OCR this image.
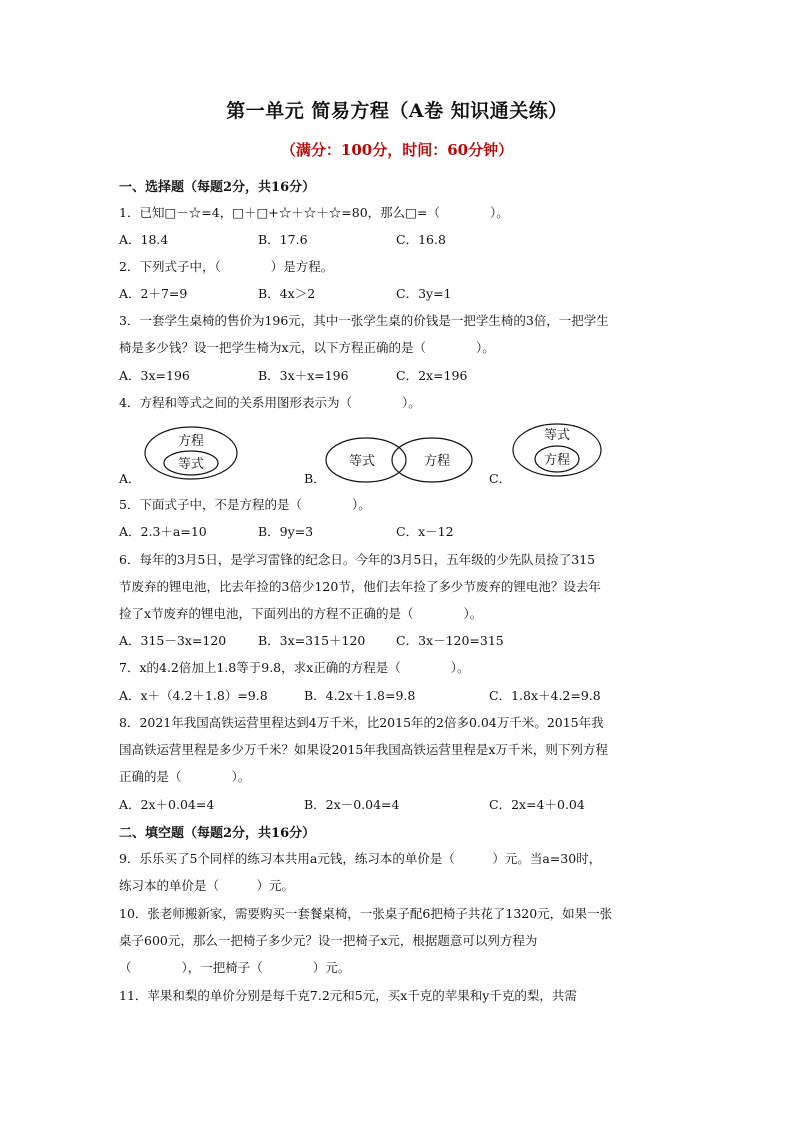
第一单元 简易方程（A卷 知识通关练）
（满分：100分，时间：60分钟）
一、选择题（每题2分，共16分）
1．已知□－☆=4，□＋□+☆＋☆＋☆=80，那么□=（　　　　）。
A．18.4	B．17.6	C．16.8
2．下列式子中，（　　　　）是方程。
A．2＋7=9	B．4x＞2	C．3y=1
3．一套学生桌椅的售价为196元，其中一张学生桌的价钱是一把学生椅的3倍，一把学生
椅是多少钱？设一把学生椅为x元，以下方程正确的是（　　　　）。
A．3x=196	B．3x＋x=196	C．2x=196
4．方程和等式之间的关系用图形表示为（　　　　）。
A．
方程
等式
B．
等式	方程
C．
等式
方程
5．下面式子中，不是方程的是（　　　　）。
A．2.3＋a=10	B．9y=3	C．x－12
6．每年的3月5日，是学习雷锋的纪念日。今年的3月5日，五年级的少先队员捡了315
节废弃的锂电池，比去年捡的3倍少120节，他们去年捡了多少节废弃的锂电池？设去年
捡了x节废弃的锂电池，下面列出的方程不正确的是（　　　　）。
A．315－3x=120	B．3x=315＋120 C．3x－120=315
7．x的4.2倍加上1.8等于9.8，求x正确的方程是（　　　　）。
A．x＋（4.2＋1.8）=9.8	B．4.2x＋1.8=9.8	C．1.8x＋4.2=9.8
8．2021年我国高铁运营里程达到4万千米，比2015年的2倍多0.04万千米。2015年我
国高铁运营里程是多少万千米？如果设2015年我国高铁运营里程是x万千米，则下列方程
正确的是（　　　　）。
A．2x＋0.04=4	B．2x－0.04=4	C．2x=4＋0.04
二、填空题（每题2分，共16分）
9．乐乐买了5个同样的练习本共用a元钱，练习本的单价是（　　　）元。当a=30时，
练习本的单价是（　　　）元。
10．张老师搬新家，需要购买一套餐桌椅，一张桌子配6把椅子共花了1320元，如果一张
桌子600元，那么一把椅子多少元？设一把椅子x元，根据题意可以列方程为
（　　　　），一把椅子（　　　　）元。
11．苹果和梨的单价分别是每千克7.2元和5元，买x千克的苹果和y千克的梨，共需
